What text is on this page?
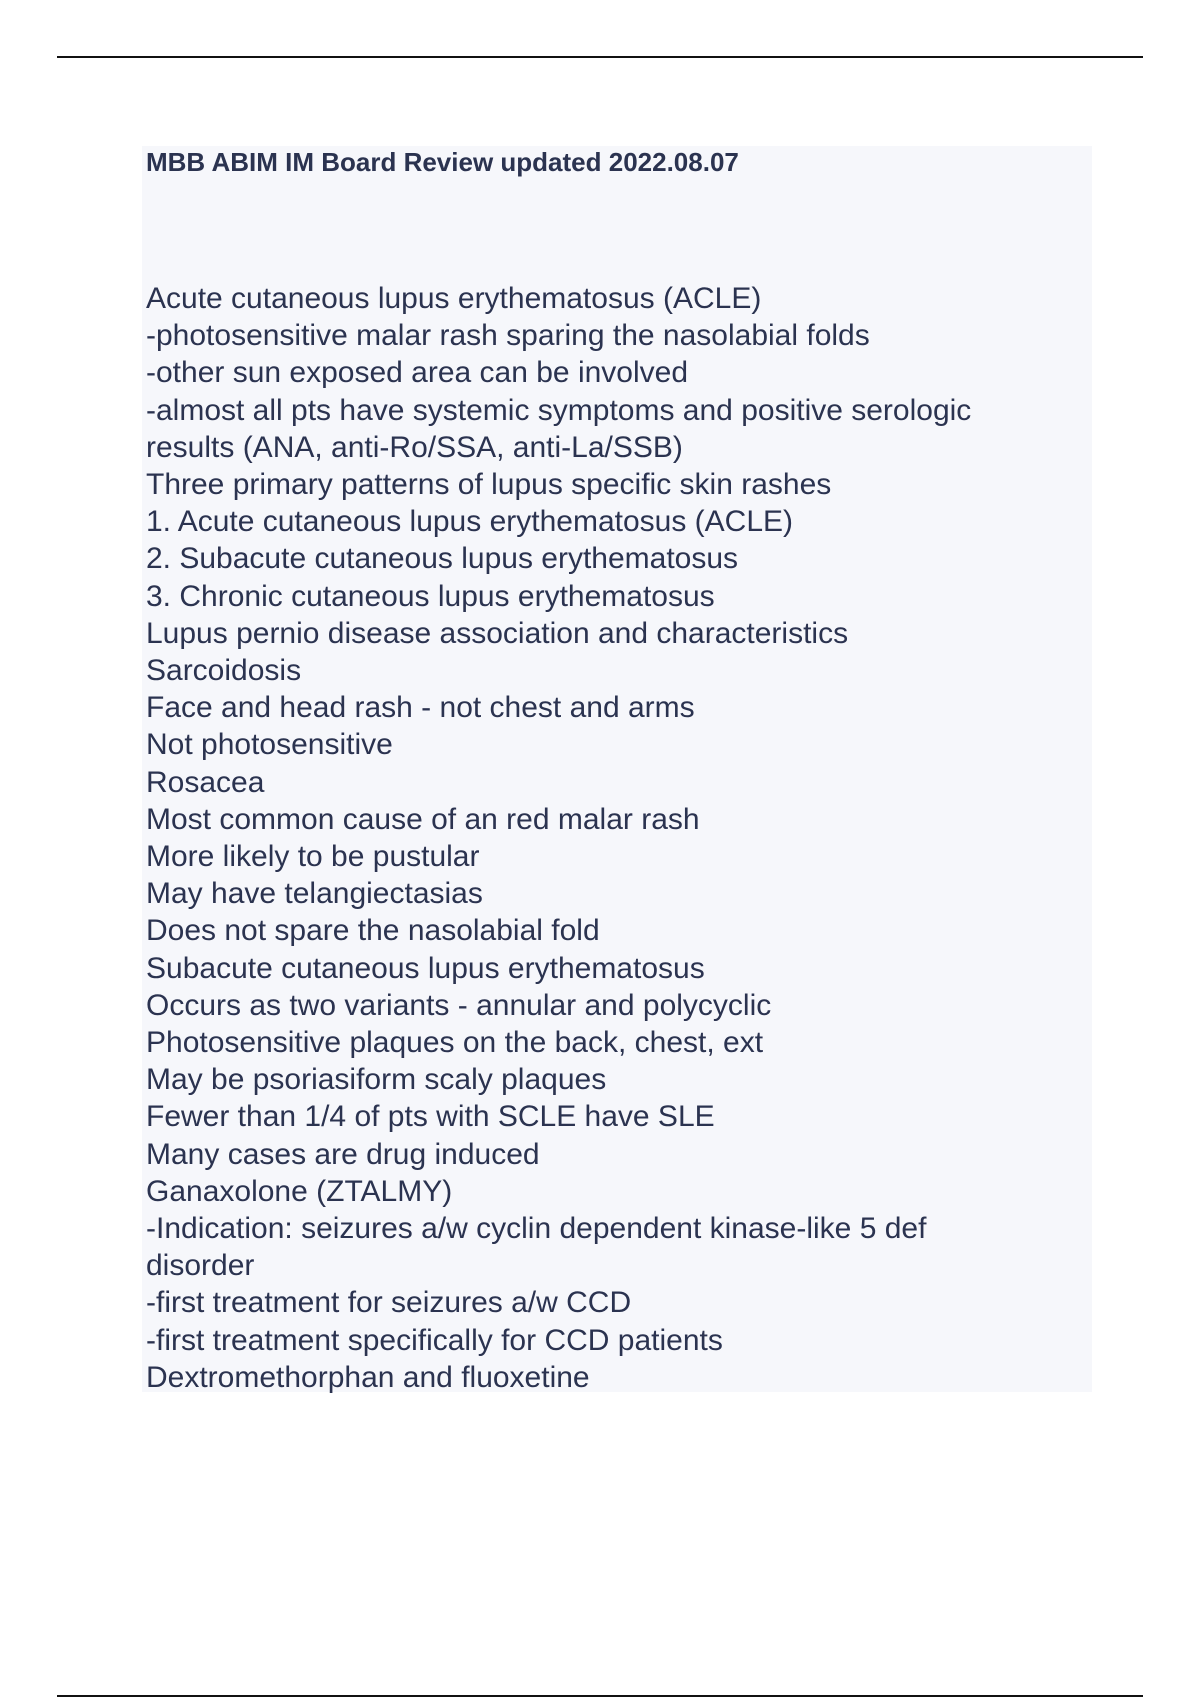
MBB ABIM IM Board Review updated 2022.08.07
Acute cutaneous lupus erythematosus (ACLE)
-photosensitive malar rash sparing the nasolabial folds
-other sun exposed area can be involved
-almost all pts have systemic symptoms and positive serologic
results (ANA, anti-Ro/SSA, anti-La/SSB)
Three primary patterns of lupus specific skin rashes
1. Acute cutaneous lupus erythematosus (ACLE)
2. Subacute cutaneous lupus erythematosus
3. Chronic cutaneous lupus erythematosus
Lupus pernio disease association and characteristics
Sarcoidosis
Face and head rash - not chest and arms
Not photosensitive
Rosacea
Most common cause of an red malar rash
More likely to be pustular
May have telangiectasias
Does not spare the nasolabial fold
Subacute cutaneous lupus erythematosus
Occurs as two variants - annular and polycyclic
Photosensitive plaques on the back, chest, ext
May be psoriasiform scaly plaques
Fewer than 1/4 of pts with SCLE have SLE
Many cases are drug induced
Ganaxolone (ZTALMY)
-Indication: seizures a/w cyclin dependent kinase-like 5 def
disorder
-first treatment for seizures a/w CCD
-first treatment specifically for CCD patients
Dextromethorphan and fluoxetine
